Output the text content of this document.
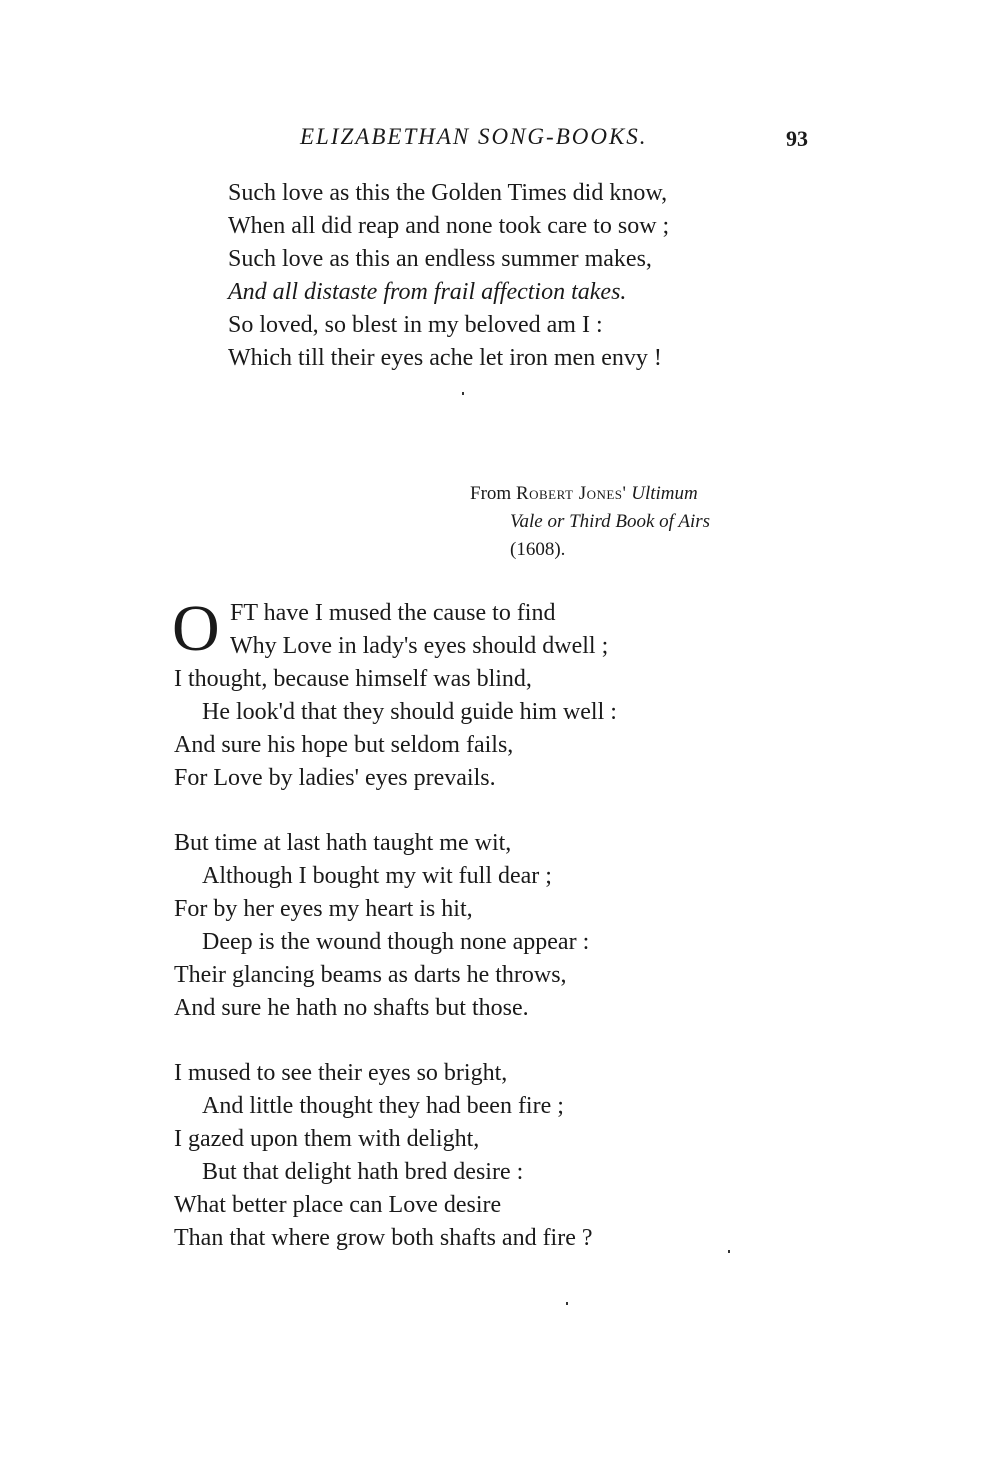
ELIZABETHAN SONG-BOOKS.	93
Such love as this the Golden Times did know,
When all did reap and none took care to sow ;
Such love as this an endless summer makes,
And all distaste from frail affection takes.
So loved, so blest in my beloved am I :
Which till their eyes ache let iron men envy !
From Robert Jones' Ultimum
Vale or Third Book of Airs
(1608).
O FT have I mused the cause to find
Why Love in lady's eyes should dwell ;
I thought, because himself was blind,
He look'd that they should guide him well :
And sure his hope but seldom fails,
For Love by ladies' eyes prevails.
But time at last hath taught me wit,
Although I bought my wit full dear ;
For by her eyes my heart is hit,
Deep is the wound though none appear :
Their glancing beams as darts he throws,
And sure he hath no shafts but those.
I mused to see their eyes so bright,
And little thought they had been fire ;
I gazed upon them with delight,
But that delight hath bred desire :
What better place can Love desire
Than that where grow both shafts and fire ?
